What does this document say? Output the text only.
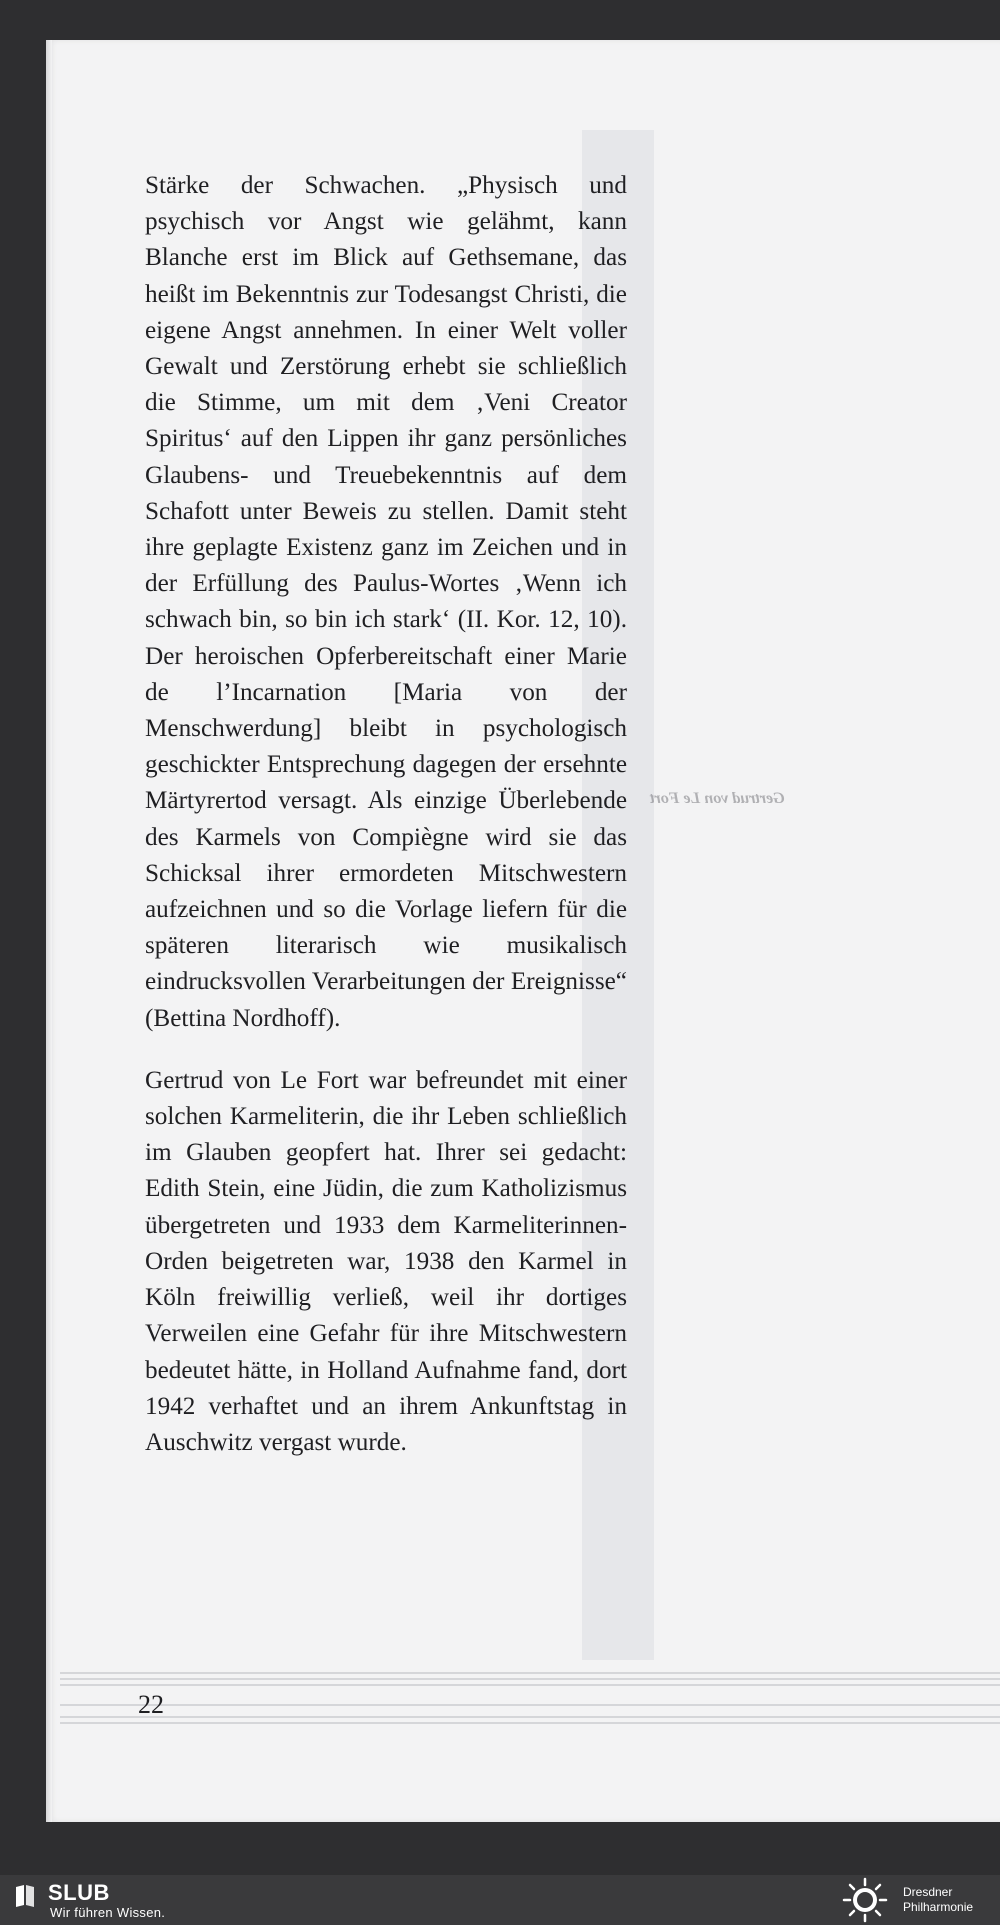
Gertrud von Le Fort

Stärke der Schwachen. „Physisch und psychisch vor Angst wie gelähmt, kann Blanche erst im Blick auf Gethsemane, das heißt im Bekenntnis zur Todesangst Christi, die eigene Angst annehmen. In einer Welt voller Gewalt und Zerstörung erhebt sie schließlich die Stimme, um mit dem ‚Veni Creator Spiritus‘ auf den Lippen ihr ganz persönliches Glaubens- und Treuebekenntnis auf dem Schafott unter Beweis zu stellen. Damit steht ihre geplagte Existenz ganz im Zeichen und in der Erfüllung des Paulus-Wortes ‚Wenn ich schwach bin, so bin ich stark‘ (II. Kor. 12, 10). Der heroischen Opferbereitschaft einer Marie de l’Incarnation [Maria von der Menschwerdung] bleibt in psychologisch geschickter Entsprechung dagegen der ersehnte Märtyrertod versagt. Als einzige Überlebende des Karmels von Compiègne wird sie das Schicksal ihrer ermordeten Mitschwestern aufzeichnen und so die Vorlage liefern für die späteren literarisch wie musikalisch eindrucksvollen Verarbeitungen der Ereignisse“ (Bettina Nordhoff).

Gertrud von Le Fort war befreundet mit einer solchen Karmeliterin, die ihr Leben schließlich im Glauben geopfert hat. Ihrer sei gedacht: Edith Stein, eine Jüdin, die zum Katholizismus übergetreten und 1933 dem Karmeliterinnen-Orden beigetreten war, 1938 den Karmel in Köln freiwillig verließ, weil ihr dortiges Verweilen eine Gefahr für ihre Mitschwestern bedeutet hätte, in Holland Aufnahme fand, dort 1942 verhaftet und an ihrem Ankunftstag in Auschwitz vergast wurde.

22
SLUB
Wir führen Wissen.
Dresdner
Philharmonie
